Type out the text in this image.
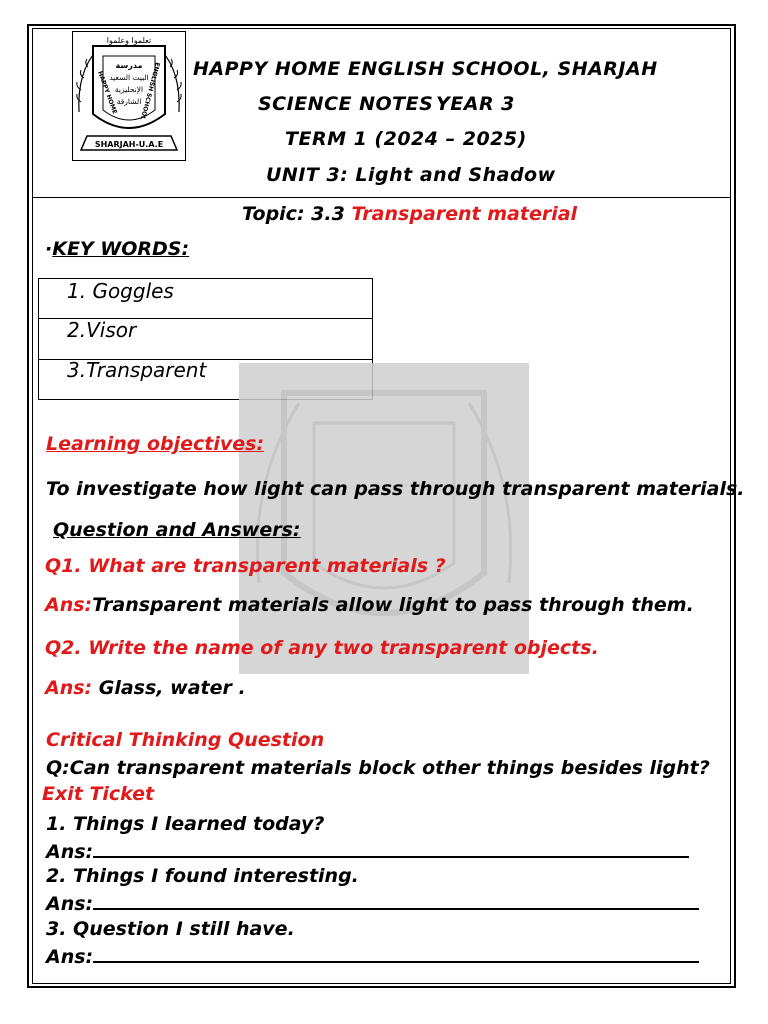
تعلموا وعلموا
مدرسة
البيت السعيد
الإنجليزية
الشارقة
HAPPY HOME	ENGLISH SCHOOL
SHARJAH-U.A.E
HAPPY HOME ENGLISH SCHOOL, SHARJAH
SCIENCE NOTES YEAR 3
TERM 1 (2024 – 2025)
UNIT 3: Light and Shadow
Topic: 3.3 Transparent material
·KEY WORDS:
1. Goggles
2.Visor
3.Transparent
Learning objectives:
To investigate how light can pass through transparent materials.
Question and Answers:
Q1. What are transparent materials ?
Ans:Transparent materials allow light to pass through them.
Q2. Write the name of any two transparent objects.
Ans: Glass, water .
Critical Thinking Question
Q:Can transparent materials block other things besides light?
Exit Ticket
1. Things I learned today?
Ans:
2. Things I found interesting.
Ans:
3. Question I still have.
Ans:
